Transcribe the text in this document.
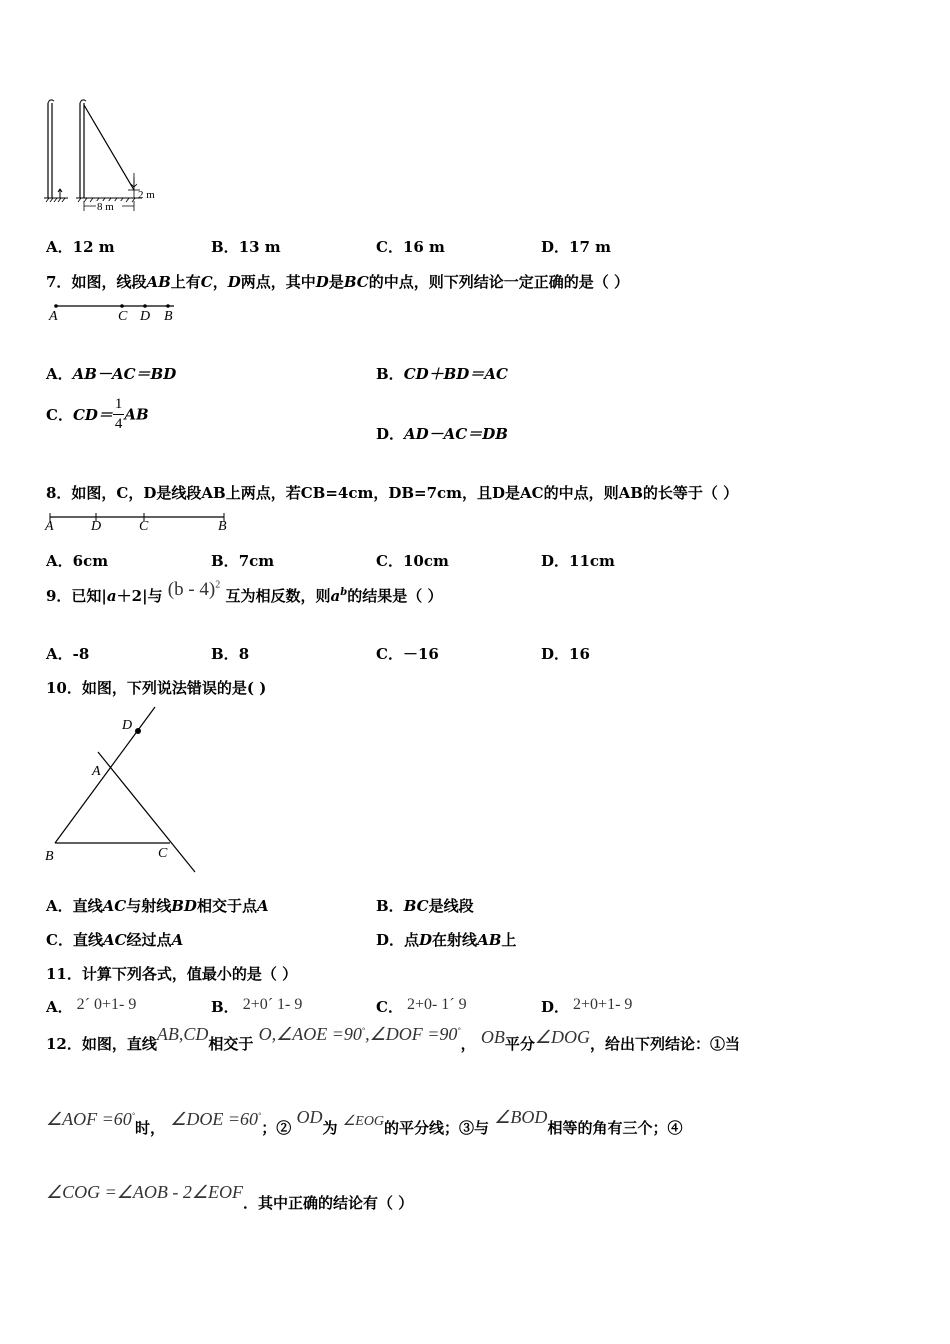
2 m
8 m
A．12 m	B．13 m	C．16 m	D．17 m
7．如图，线段AB上有C，D两点，其中D是BC的中点，则下列结论一定正确的是（ ）
A	C D B
A．AB－AC＝BD	B．CD＋BD＝AC
C．$CD= \frac{1}{4}$ AB
D．AD－AC＝DB
8．如图，C，D是线段AB上两点，若CB=4cm，DB=7cm，且D是AC的中点，则AB的长等于（ ）
A	D	C	B
A．6cm	B．7cm	C．10cm	D．11cm
9．已知|a＋2|与 (b - 4)$^2$ 互为相反数，则$a^b$的结果是（ ）
A．-8	B．8	C．－16	D．16
10．如图，下列说法错误的是( )
D
A
B	C
A．直线AC与射线BD相交于点A	B．BC是线段
C．直线AC经过点A	D．点D在射线AB上
11．计算下列各式，值最小的是（ ）
A． 2´ 0+1- 9	B． 2+0´ 1- 9	C． 2+0- 1´ 9	D． 2+0+1- 9
12．如图，直线AB,CD相交于 O,∠AOE =90°,∠DOF =90°， OB平分∠DOG，给出下列结论：①当
∠AOF =60°时， ∠DOE =60°；② OD为 ∠EOG的平分线；③与 ∠BOD相等的角有三个；④
∠COG =∠AOB - 2∠EOF．其中正确的结论有（ ）
